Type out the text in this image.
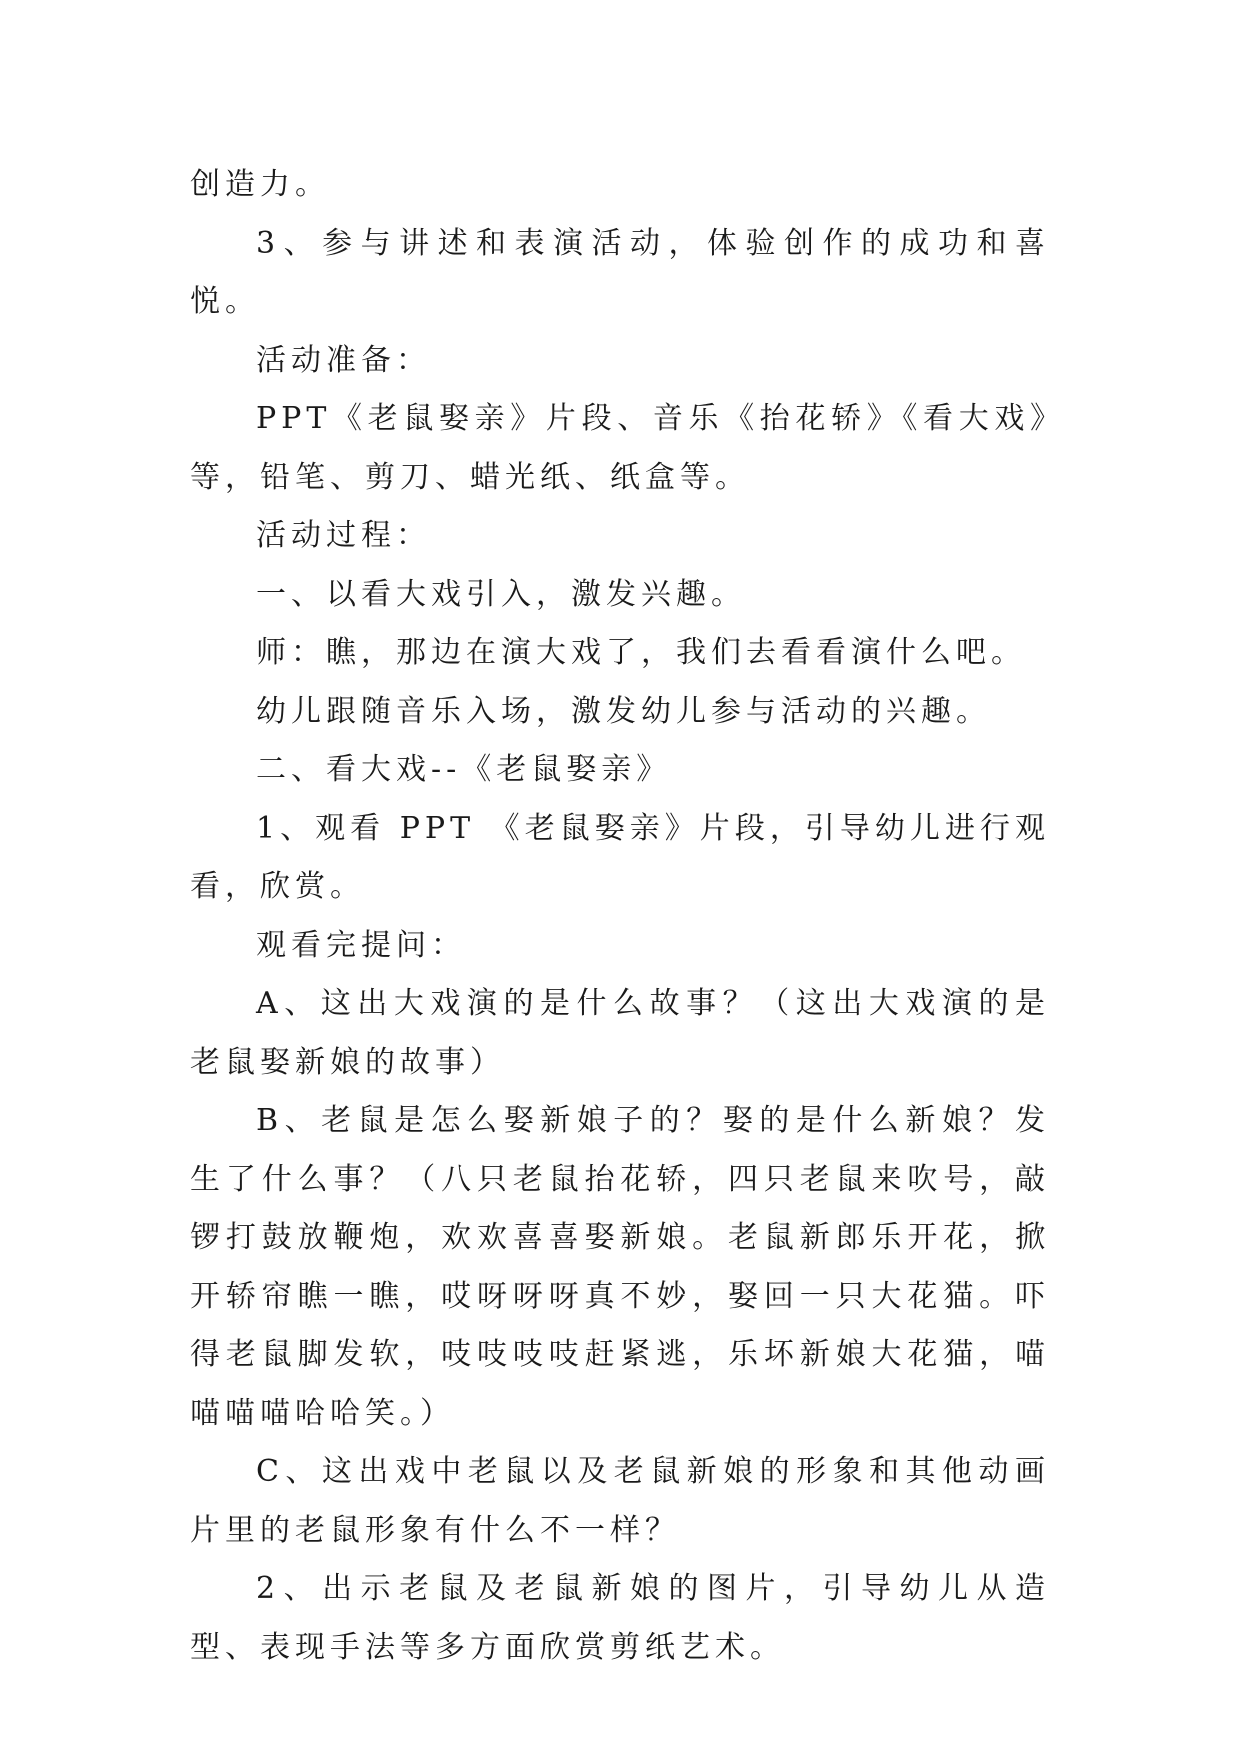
创造力。

3、参与讲述和表演活动，体验创作的成功和喜悦。

活动准备：

PPT《老鼠娶亲》片段、音乐《抬花轿》《看大戏》等，铅笔、剪刀、蜡光纸、纸盒等。

活动过程：

一、以看大戏引入，激发兴趣。

师：瞧，那边在演大戏了，我们去看看演什么吧。

幼儿跟随音乐入场，激发幼儿参与活动的兴趣。

二、看大戏--《老鼠娶亲》

1、观看 PPT 《老鼠娶亲》片段，引导幼儿进行观看，欣赏。

观看完提问：

A、这出大戏演的是什么故事？（这出大戏演的是老鼠娶新娘的故事）

B、老鼠是怎么娶新娘子的？娶的是什么新娘？发生了什么事？（八只老鼠抬花轿，四只老鼠来吹号，敲锣打鼓放鞭炮，欢欢喜喜娶新娘。老鼠新郎乐开花，掀开轿帘瞧一瞧，哎呀呀呀真不妙，娶回一只大花猫。吓得老鼠脚发软，吱吱吱吱赶紧逃，乐坏新娘大花猫，喵喵喵喵哈哈笑。）

C、这出戏中老鼠以及老鼠新娘的形象和其他动画片里的老鼠形象有什么不一样？

2、出示老鼠及老鼠新娘的图片，引导幼儿从造型、表现手法等多方面欣赏剪纸艺术。
